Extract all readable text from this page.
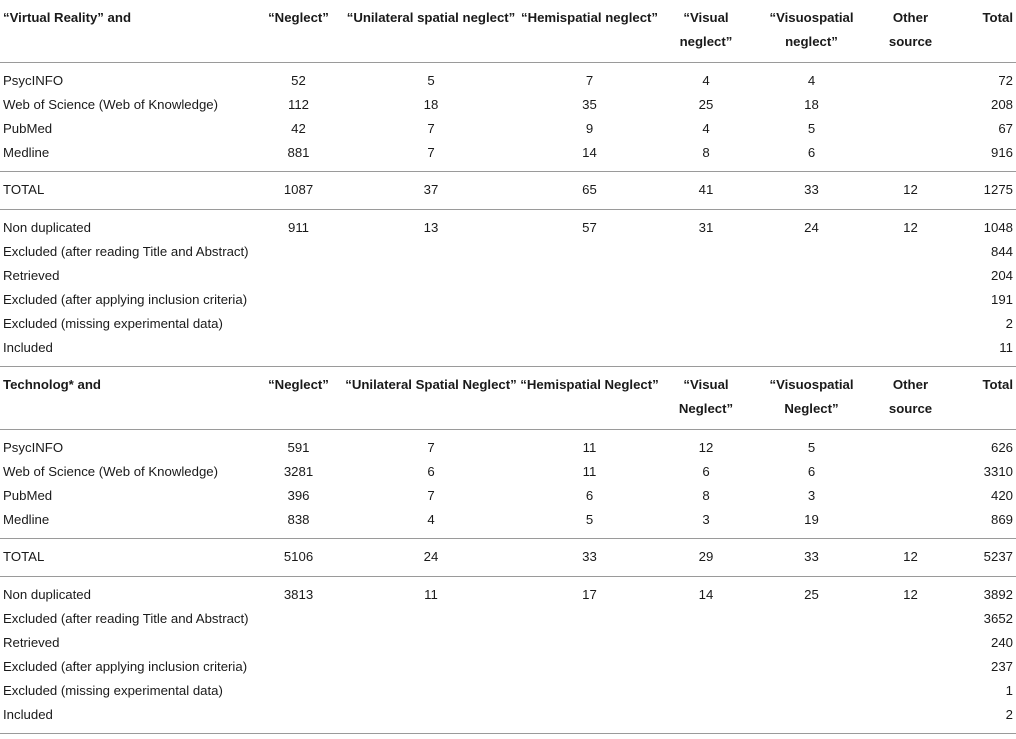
“Virtual Reality” and	“Neglect”	“Unilateral spatial neglect”	“Hemispatial neglect”	“Visual neglect”	“Visuospatial neglect”	Other source	Total
PsycINFO	52	5	7	4	4		72
Web of Science (Web of Knowledge)	112	18	35	25	18		208
PubMed	42	7	9	4	5		67
Medline	881	7	14	8	6		916
TOTAL	1087	37	65	41	33	12	1275
Non duplicated	911	13	57	31	24	12	1048
Excluded (after reading Title and Abstract)							844
Retrieved							204
Excluded (after applying inclusion criteria)							191
Excluded (missing experimental data)							2
Included							11
Technolog* and	“Neglect”	“Unilateral Spatial Neglect”	“Hemispatial Neglect”	“Visual Neglect”	“Visuospatial Neglect”	Other source	Total
PsycINFO	591	7	11	12	5		626
Web of Science (Web of Knowledge)	3281	6	11	6	6		3310
PubMed	396	7	6	8	3		420
Medline	838	4	5	3	19		869
TOTAL	5106	24	33	29	33	12	5237
Non duplicated	3813	11	17	14	25	12	3892
Excluded (after reading Title and Abstract)							3652
Retrieved							240
Excluded (after applying inclusion criteria)							237
Excluded (missing experimental data)							1
Included							2
